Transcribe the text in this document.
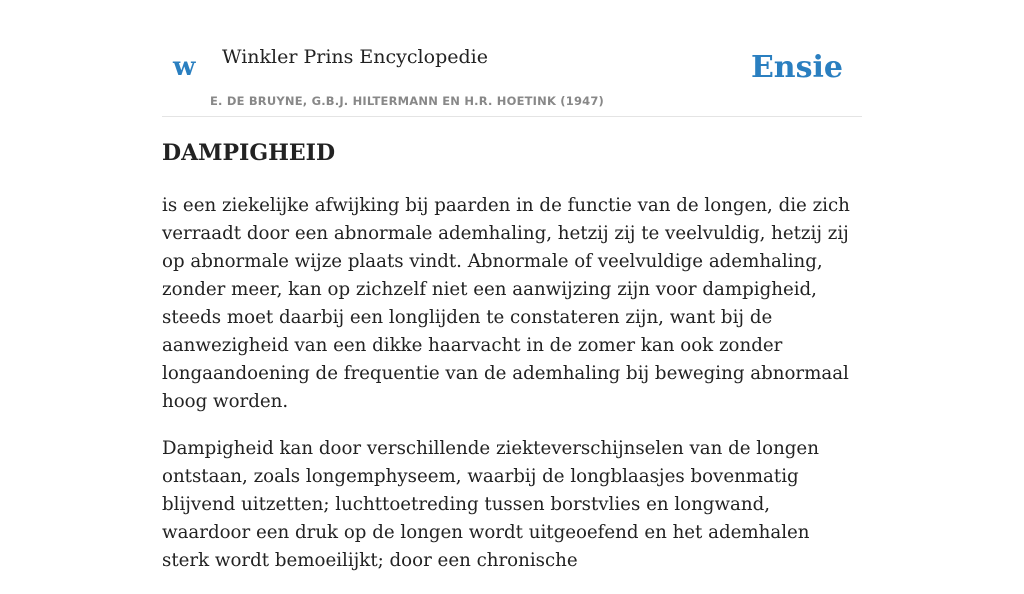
w Winkler Prins Encyclopedie
E. DE BRUYNE, G.B.J. HILTERMANN EN H.R. HOETINK (1947)
Ensie
DAMPIGHEID

is een ziekelijke afwijking bij paarden in de functie van de longen, die zich verraadt door een abnormale ademhaling, hetzij zij te veelvuldig, hetzij zij op abnormale wijze plaats vindt. Abnormale of veelvuldige ademhaling, zonder meer, kan op zichzelf niet een aanwijzing zijn voor dampigheid, steeds moet daarbij een longlijden te constateren zijn, want bij de aanwezigheid van een dikke haarvacht in de zomer kan ook zonder longaandoening de frequentie van de ademhaling bij beweging abnormaal hoog worden.

Dampigheid kan door verschillende ziekteverschijnselen van de longen ontstaan, zoals longemphyseem, waarbij de longblaasjes bovenmatig blijvend uitzetten; luchttoetreding tussen borstvlies en longwand, waardoor een druk op de longen wordt uitgeoefend en het ademhalen sterk wordt bemoeilijkt; door een chronische
